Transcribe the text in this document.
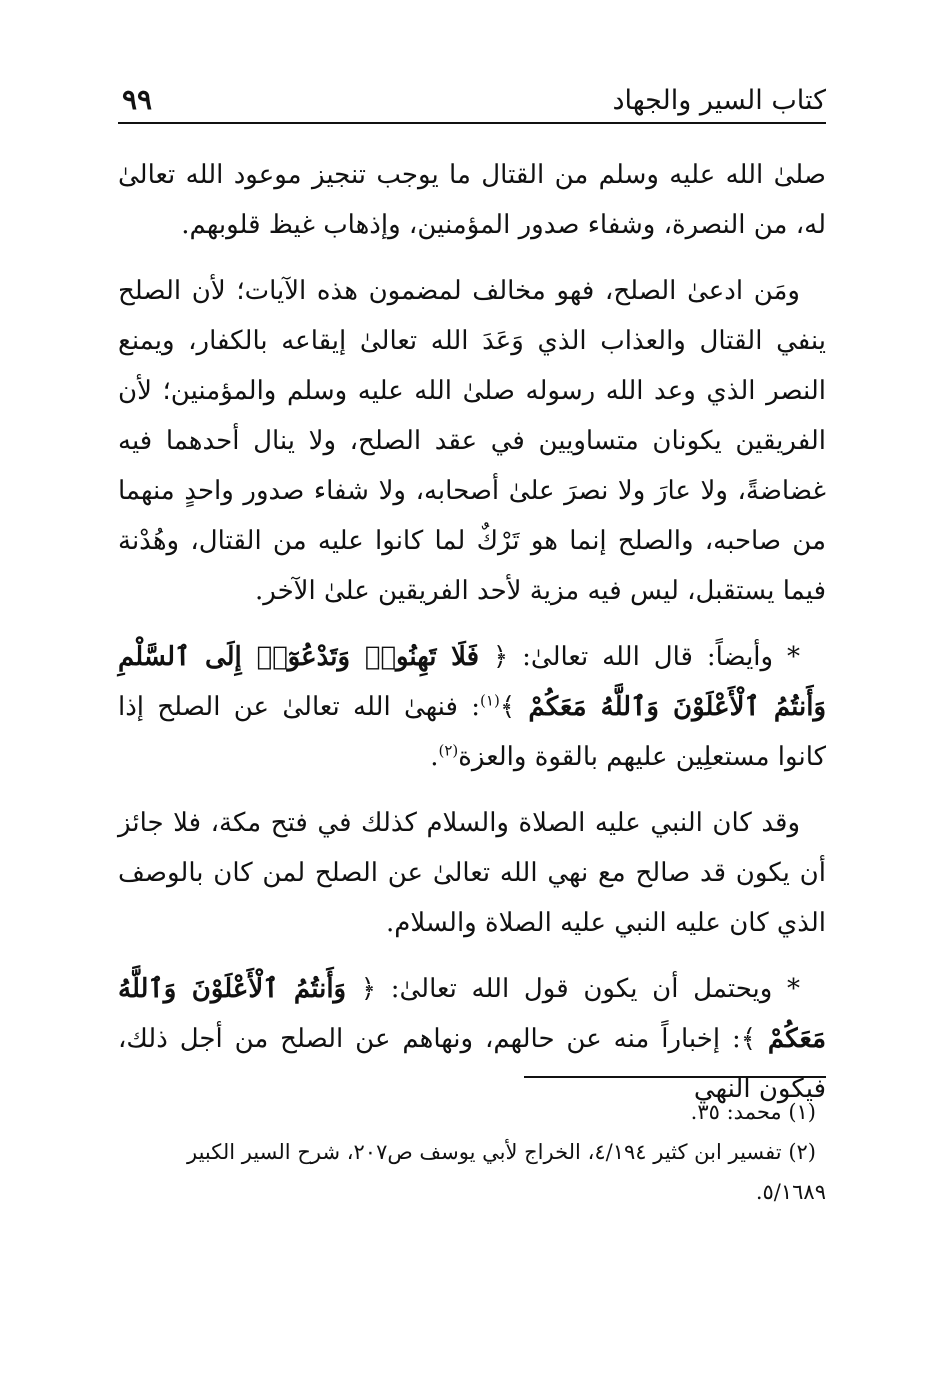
كتاب السير والجهاد
٩٩

صلىٰ الله عليه وسلم من القتال ما يوجب تنجيز موعود الله تعالىٰ له، من النصرة، وشفاء صدور المؤمنين، وإذهاب غيظ قلوبهم.

ومَن ادعىٰ الصلح، فهو مخالف لمضمون هذه الآيات؛ لأن الصلح ينفي القتال والعذاب الذي وَعَدَ الله تعالىٰ إيقاعه بالكفار، ويمنع النصر الذي وعد الله رسوله صلىٰ الله عليه وسلم والمؤمنين؛ لأن الفريقين يكونان متساويين في عقد الصلح، ولا ينال أحدهما فيه غضاضةً، ولا عارَ ولا نصرَ علىٰ أصحابه، ولا شفاء صدور واحدٍ منهما من صاحبه، والصلح إنما هو تَرْكٌ لما كانوا عليه من القتال، وهُدْنة فيما يستقبل، ليس فيه مزية لأحد الفريقين علىٰ الآخر.

* وأيضاً: قال الله تعالىٰ: ﴿ فَلَا تَهِنُوا۟ وَتَدْعُوٓا۟ إِلَى ٱلسَّلْمِ وَأَنتُمُ ٱلْأَعْلَوْنَ وَٱللَّهُ مَعَكُمْ ﴾$^{(١)}$: فنهىٰ الله تعالىٰ عن الصلح إذا كانوا مستعلِين عليهم بالقوة والعزة$^{(٢)}$.

وقد كان النبي عليه الصلاة والسلام كذلك في فتح مكة، فلا جائز أن يكون قد صالح مع نهي الله تعالىٰ عن الصلح لمن كان بالوصف الذي كان عليه النبي عليه الصلاة والسلام.

* ويحتمل أن يكون قول الله تعالىٰ: ﴿ وَأَنتُمُ ٱلْأَعْلَوْنَ وَٱللَّهُ مَعَكُمْ ﴾: إخباراً منه عن حالهم، ونهاهم عن الصلح من أجل ذلك، فيكون النهي

(١) محمد: ٣٥.

(٢) تفسير ابن كثير ٤/١٩٤، الخراج لأبي يوسف ص٢٠٧، شرح السير الكبير ٥/١٦٨٩.
